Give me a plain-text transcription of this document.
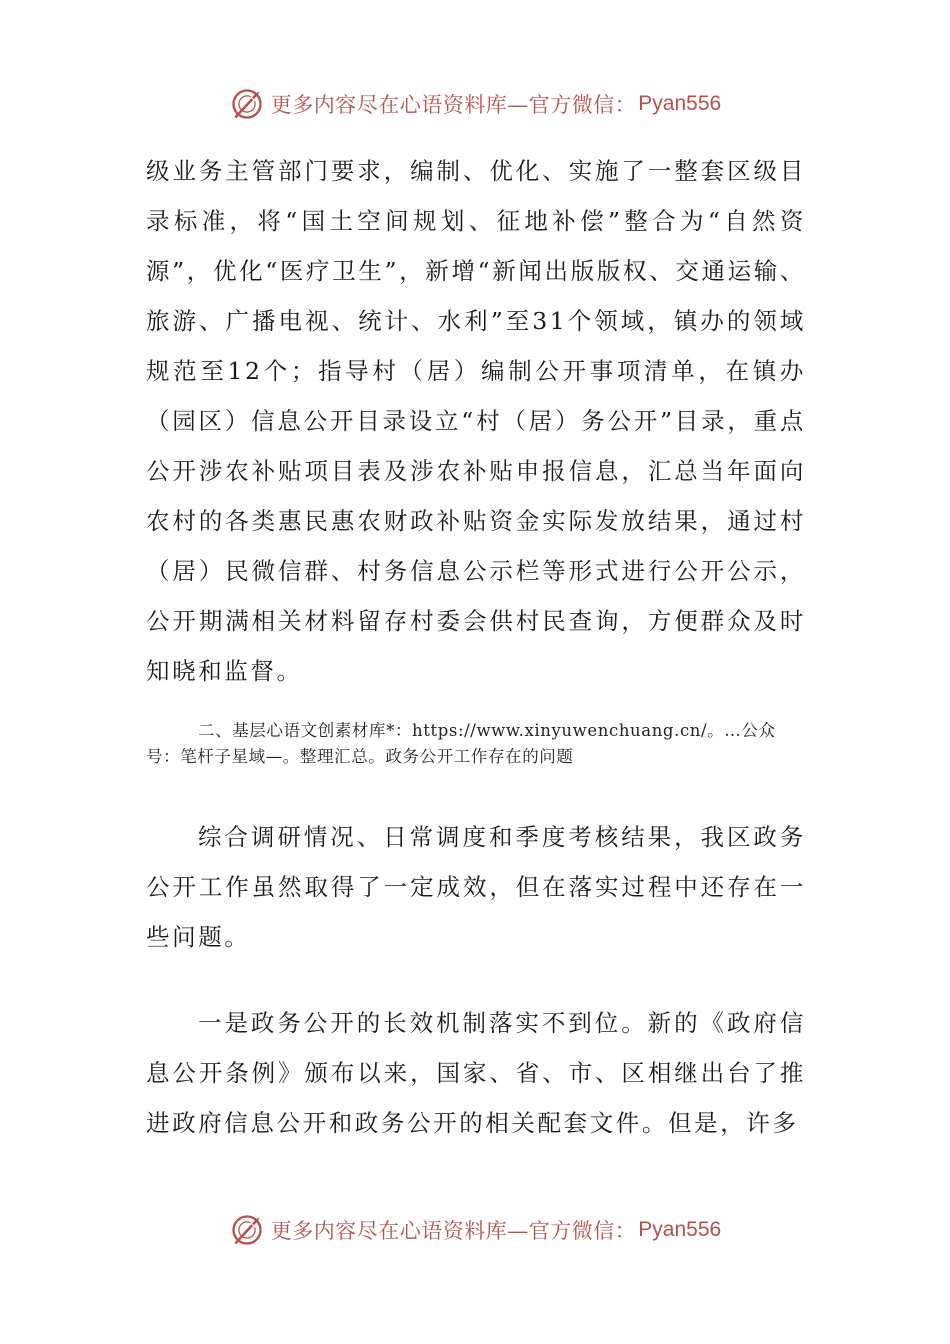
更多内容尽在心语资料库—官方微信： Pyan556

级业务主管部门要求，编制、优化、实施了一整套区级目录标准，将“国土空间规划、征地补偿”整合为“自然资源”，优化“医疗卫生”，新增“新闻出版版权、交通运输、旅游、广播电视、统计、水利”至31个领域，镇办的领域规范至12个；指导村（居）编制公开事项清单，在镇办（园区）信息公开目录设立“村（居）务公开”目录，重点公开涉农补贴项目表及涉农补贴申报信息，汇总当年面向农村的各类惠民惠农财政补贴资金实际发放结果，通过村（居）民微信群、村务信息公示栏等形式进行公开公示，公开期满相关材料留存村委会供村民查询，方便群众及时知晓和监督。

二、基层心语文创素材库*：https://www.xinyuwenchuang.cn/。…公众号：笔杆子星域—。整理汇总。政务公开工作存在的问题

综合调研情况、日常调度和季度考核结果，我区政务公开工作虽然取得了一定成效，但在落实过程中还存在一些问题。

一是政务公开的长效机制落实不到位。新的《政府信息公开条例》颁布以来，国家、省、市、区相继出台了推进政府信息公开和政务公开的相关配套文件。但是，许多

更多内容尽在心语资料库—官方微信： Pyan556
